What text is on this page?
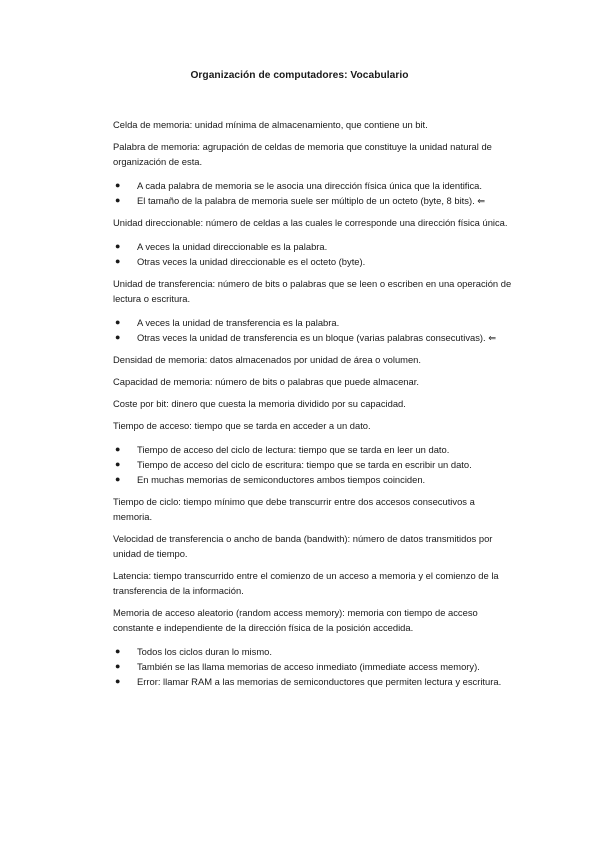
Organización de computadores: Vocabulario

Celda de memoria: unidad mínima de almacenamiento, que contiene un bit.

Palabra de memoria: agrupación de celdas de memoria que constituye la unidad natural de organización de esta.

● A cada palabra de memoria se le asocia una dirección física única que la identifica.
● El tamaño de la palabra de memoria suele ser múltiplo de un octeto (byte, 8 bits). ⇐

Unidad direccionable: número de celdas a las cuales le corresponde una dirección física única.

● A veces la unidad direccionable es la palabra.
● Otras veces la unidad direccionable es el octeto (byte).

Unidad de transferencia: número de bits o palabras que se leen o escriben en una operación de lectura o escritura.

● A veces la unidad de transferencia es la palabra.
● Otras veces la unidad de transferencia es un bloque (varias palabras consecutivas). ⇐

Densidad de memoria: datos almacenados por unidad de área o volumen.

Capacidad de memoria: número de bits o palabras que puede almacenar.

Coste por bit: dinero que cuesta la memoria dividido por su capacidad.

Tiempo de acceso: tiempo que se tarda en acceder a un dato.

● Tiempo de acceso del ciclo de lectura: tiempo que se tarda en leer un dato.
● Tiempo de acceso del ciclo de escritura: tiempo que se tarda en escribir un dato.
● En muchas memorias de semiconductores ambos tiempos coinciden.

Tiempo de ciclo: tiempo mínimo que debe transcurrir entre dos accesos consecutivos a memoria.

Velocidad de transferencia o ancho de banda (bandwith): número de datos transmitidos por unidad de tiempo.

Latencia: tiempo transcurrido entre el comienzo de un acceso a memoria y el comienzo de la transferencia de la información.

Memoria de acceso aleatorio (random access memory): memoria con tiempo de acceso constante e independiente de la dirección física de la posición accedida.

● Todos los ciclos duran lo mismo.
● También se las llama memorias de acceso inmediato (immediate access memory).
● Error: llamar RAM a las memorias de semiconductores que permiten lectura y escritura.
